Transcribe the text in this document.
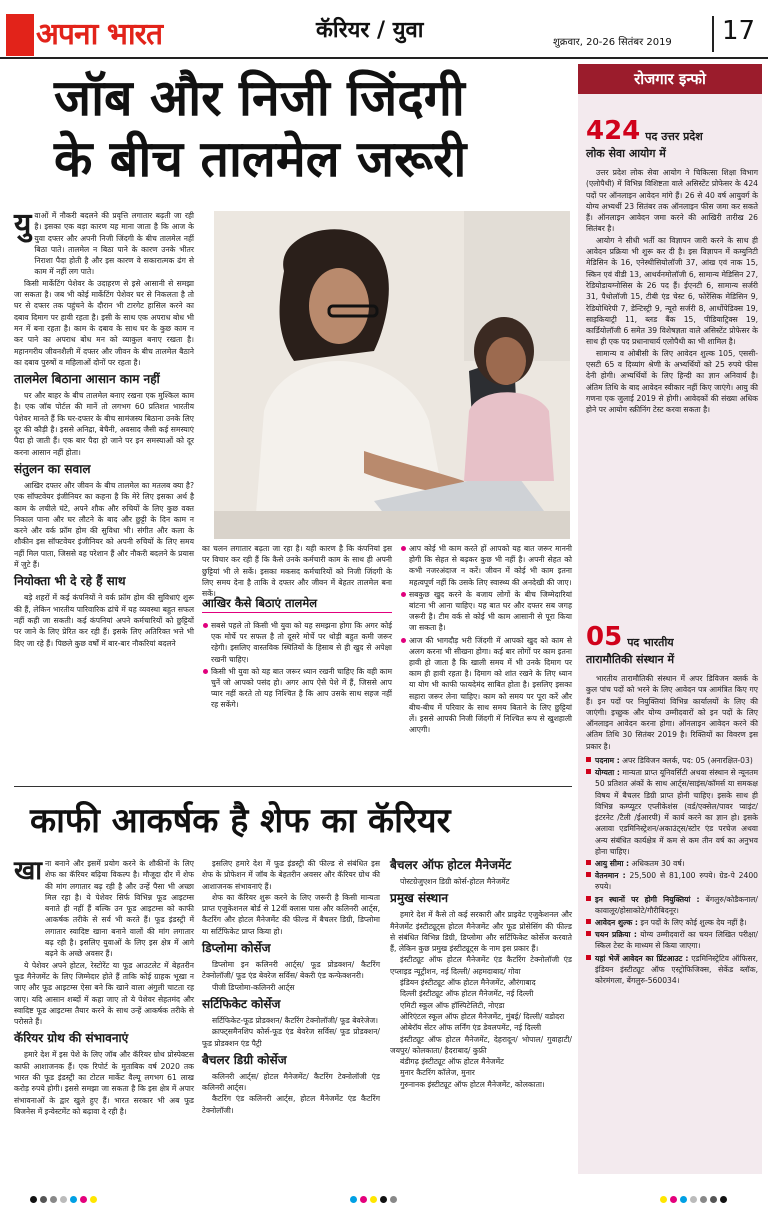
अपना भारत	कॅरियर / युवा	शुक्रवार, 20-26 सितंबर 2019 17
जॉब और निजी जिंदगी
के बीच तालमेल जरूरी
यु वाओं में नौकरी बदलने की प्रवृत्ति लगातार बढ़ती जा रही है। इसका एक बड़ा कारण यह माना जाता है कि आज के युवा दफ्तर और अपनी निजी जिंदगी के बीच तालमेल नहीं बिठा पाते। तालमेल न बिठा पाने के कारण उनके भीतर निराशा पैदा होती है और इस कारण वे सकारात्मक ढंग से काम में नहीं लग पाते।

किसी मार्केटिंग पेशेवर के उदाहरण से इसे आसानी से समझा जा सकता है। जब भी कोई मार्केटिंग पेशेवर घर से निकलता है तो घर से दफ्तर तक पहुंचने के दौरान भी टारगेट हासिल करने का दबाव दिमाग पर हावी रहता है। इसी के साथ एक अपराध बोध भी मन में बना रहता है। काम के दबाव के साथ घर के कुछ काम न कर पाने का अपराध बोध मन को व्याकुल बनाए रखता है। महानगरीय जीवनशैली में दफ्तर और जीवन के बीच तालमेल बैठाने का दबाव पुरुषों व महिलाओं दोनों पर रहता है।

तालमेल बिठाना आसान काम नहीं

घर और बाहर के बीच तालमेल बनाए रखना एक मुश्किल काम है। एक जॉब पोर्टल की मानें तो लगभग 60 प्रतिशत भारतीय पेशेवर मानते हैं कि घर-दफ्तर के बीच सामंजस्य बिठाना उनके लिए दूर की कौड़ी है। इससे अनिद्रा, बेचैनी, अवसाद जैसी कई समस्याएं पैदा हो जाती हैं। एक बार पैदा हो जाने पर इन समस्याओं को दूर करना आसान नहीं होता।

संतुलन का सवाल

आखिर दफ्तर और जीवन के बीच तालमेल का मतलब क्या है? एक सॉफ्टवेयर इंजीनियर का कहना है कि मेरे लिए इसका अर्थ है काम के लचीले घंटे, अपने शौक और रुचियों के लिए कुछ वक्त निकाल पाना और घर लौटने के बाद और छुट्टी के दिन काम न करने और वर्क फ्रॉम होम की सुविधा भी। संगीत और कला के शौकीन इस सॉफ्टवेयर इंजीनियर को अपनी रुचियों के लिए समय नहीं मिल पाता, जिससे वह परेशान हैं और नौकरी बदलने के प्रयास में जुटे हैं।

नियोक्ता भी दे रहे हैं साथ

बड़े शहरों में कई कंपनियों ने वर्क फ्रॉम होम की सुविधाएं शुरू की हैं, लेकिन भारतीय पारिवारिक ढांचे में यह व्यवस्था बहुत सफल नहीं कही जा सकती। कई कंपनियां अपने कर्मचारियों को छुट्टियों पर जाने के लिए प्रेरित कर रही हैं। इसके लिए अतिरिक्त भत्ते भी दिए जा रहे हैं। पिछले कुछ वर्षों में बार-बार नौकरियां बदलने

का चलन लगातार बढ़ता जा रहा है। यही कारण है कि कंपनियां इस पर विचार कर रही हैं कि कैसे उनके कर्मचारी काम के साथ ही अपनी छुट्टियां भी ले सकें। इसका मकसद कर्मचारियों को निजी जिंदगी के लिए समय देना है ताकि वे दफ्तर और जीवन में बेहतर तालमेल बना सकें।
आखिर कैसे बिठाएं तालमेल
सबसे पहले तो किसी भी युवा को यह समझना होगा कि अगर कोई एक मोर्चे पर सफल है तो दूसरे मोर्चे पर थोड़ी बहुत कमी जरूर रहेगी। इसलिए वास्तविक स्थितियों के हिसाब से ही खुद से अपेक्षा रखनी चाहिए।
किसी भी युवा को यह बात जरूर ध्यान रखनी चाहिए कि वही काम चुनें जो आपको पसंद हो। अगर आप ऐसे पेशे में हैं, जिससे आप प्यार नहीं करते तो यह निश्चित है कि आप उसके साथ सहज नहीं रह सकेंगे।
आप कोई भी काम करते हों आपको यह बात जरूर माननी होगी कि सेहत से बढ़कर कुछ भी नहीं है। अपनी सेहत को कभी नजरअंदाज न करें। जीवन में कोई भी काम इतना महत्वपूर्ण नहीं कि उसके लिए स्वास्थ्य की अनदेखी की जाए।
सबकुछ खुद करने के बजाय लोगों के बीच जिम्मेदारियां बांटना भी आना चाहिए। यह बात घर और दफ्तर सब जगह जरूरी है। टीम वर्क से कोई भी काम आसानी से पूरा किया जा सकता है।
आज की भागदौड़ भरी जिंदगी में आपको खुद को काम से अलग करना भी सीखना होगा। कई बार लोगों पर काम इतना हावी हो जाता है कि खाली समय में भी उनके दिमाग पर काम ही हावी रहता है। दिमाग को शांत रखने के लिए ध्यान या योग भी काफी फायदेमंद साबित होता है। इसलिए इसका सहारा जरूर लेना चाहिए। काम को समय पर पूरा करें और बीच-बीच में परिवार के साथ समय बिताने के लिए छुट्टियां लें। इससे आपकी निजी जिंदगी में निश्चित रूप से खुशहाली आएगी।
रोजगार इन्फो
424 पद उत्तर प्रदेश
लोक सेवा आयोग में

उत्तर प्रदेश लोक सेवा आयोग ने चिकित्सा शिक्षा विभाग (एलोपैथी) में विभिन्न विशिष्टता वाले असिस्टेंट प्रोफेसर के 424 पदों पर ऑनलाइन आवेदन मांगे हैं। 26 से 40 वर्ष आयुवर्ग के योग्य अभ्यर्थी 23 सितंबर तक ऑनलाइन फीस जमा कर सकते हैं। ऑनलाइन आवेदन जमा करने की आखिरी तारीख 26 सितंबर है।

आयोग ने सीधी भर्ती का विज्ञापन जारी करने के साथ ही आवेदन प्रक्रिया भी शुरू कर दी है। इस विज्ञापन में कम्युनिटी मेडिसिन के 16, एनेस्थीसियोलॉजी 37, आंख एवं नाक 15, स्किन एवं वीडी 13, आथर्वनमोलॉजी 6, सामान्य मेडिसिन 27, रेडियोडायग्नोसिस के 26 पद हैं। ईएनटी 6, सामान्य सर्जरी 31, पैथोलॉजी 15, टीबी एंड चेस्ट 6, फोरेंसिक मेडिसिन 9, रेडियोथिरेपी 7, डेन्टिस्ट्री 9, न्यूरो सर्जरी 8, आर्थोपेडिक्स 19, साइकियाट्री 11, ब्लड बैंक 15, पीडियाट्रिक्स 19, कार्डियोलॉजी 6 समेत 39 विशेषज्ञता वाले असिस्टेंट प्रोफेसर के साथ ही एक पद प्रधानाचार्य एलोपैथी का भी शामिल है।

सामान्य व ओबीसी के लिए आवेदन शुल्क 105, एससी-एसटी 65 व दिव्यांग श्रेणी के अभ्यर्थियों को 25 रुपये फीस देनी होगी। अभ्यर्थियों के लिए हिन्दी का ज्ञान अनिवार्य है। अंतिम तिथि के बाद आवेदन स्वीकार नहीं किए जाएंगे। आयु की गणना एक जुलाई 2019 से होगी। आवेदकों की संख्या अधिक होने पर आयोग स्क्रीनिंग टेस्ट करवा सकता है।

05 पद भारतीय
तारामौतिकी संस्थान में

भारतीय तारामौतिकी संस्थान में अपर डिविजन क्लर्क के कुल पांच पदों को भरने के लिए आवेदन पत्र आमंत्रित किए गए हैं। इन पदों पर नियुक्तियां विभिन्न कार्यालयों के लिए की जाएंगी। इच्छुक और योग्य उम्मीदवारों को इन पदों के लिए ऑनलाइन आवेदन करना होगा। ऑनलाइन आवेदन करने की अंतिम तिथि 30 सितंबर 2019 है। रिक्तियों का विवरण इस प्रकार है।

पदनाम : अपर डिविजन क्लर्क, पद: 05 (अनारक्षित-03)
योग्यता : मान्यता प्राप्त यूनिवर्सिटी अथवा संस्थान से न्यूनतम 50 प्रतिशत अंकों के साथ आर्ट्स/साइंस/कॉमर्स या समकक्ष विषय में बैचलर डिग्री प्राप्त होनी चाहिए। इसके साथ ही विभिन्न कम्प्यूटर एप्लीकेशंस (वर्ड/एक्सेल/पावर प्वाइंट/ इंटरनेट /टैली /ईआरपी) में कार्य करने का ज्ञान हो। इसके अलावा एडमिनिस्ट्रेशन/अकाउंट्स/स्टोर एंड परचेज अथवा अन्य संबंधित कार्यक्षेत्र में कम से कम तीन वर्ष का अनुभव होना चाहिए।
आयु सीमा : अधिकतम 30 वर्ष।
वेतनमान : 25,500 से 81,100 रुपये। ग्रेड-पे 2400 रुपये।
इन स्थानों पर होगी नियुक्तियां : बेंगलुरु/कोडैकनाल/कावालूर/होसाकोटे/गौरीबिदनूर।
आवेदन शुल्क : इन पदों के लिए कोई शुल्क देय नहीं है।
चयन प्रक्रिया : योग्य उम्मीदवारों का चयन लिखित परीक्षा/स्किल टेस्ट के माध्यम से किया जाएगा।
यहां भेजें आवेदन का प्रिंटआउट : एडमिनिस्ट्रेटिव ऑफिसर, इंडियन इंस्टीट्यूट ऑफ एस्ट्रोफिजिक्स, सेकेंड ब्लॉक, कोरमंगला, बेंगलुरु-560034।
काफी आकर्षक है शेफ का कॅरियर
खा ना बनाने और इसमें प्रयोग करने के शौकीनों के लिए शेफ का कॅरियर बढ़िया विकल्प है। मौजूदा दौर में शेफ की मांग लगातार बढ़ रही है और उन्हें पैसा भी अच्छा मिल रहा है। ये पेशेवर सिर्फ विभिन्न फूड आइटम्स बनाते ही नहीं हैं बल्कि उन फूड आइटम्स को काफी आकर्षक तरीके से सर्व भी करते हैं। फूड इंडस्ट्री में लगातार स्वादिष्ट खाना बनाने वालों की मांग लगातार बढ़ रही है। इसलिए युवाओं के लिए इस क्षेत्र में आगे बढ़ने के अच्छे अवसर हैं।

ये पेशेवर अपने होटल, रेस्टोरेंट या फूड आउटलेट में बेहतरीन फूड मैनेजमेंट के लिए जिम्मेदार होते हैं ताकि कोई ग्राहक भूखा न जाए और फूड आइटम्स ऐसा बने कि खाने वाला अंगुली चाटता रह जाए। यदि आसान शब्दों में कहा जाए तो ये पेशेवर सेहतमंद और स्वादिष्ट फूड आइटम्स तैयार करने के साथ उन्हें आकर्षक तरीके से परोसते हैं।

कॅरियर ग्रोथ की संभावनाएं

हमारे देश में इस पेशे के लिए जॉब और कॅरियर ग्रोथ प्रोस्पेक्टस काफी आशाजनक हैं। एक रिपोर्ट के मुताबिक वर्ष 2020 तक भारत की फूड इंडस्ट्री का टोटल मार्केट वैल्यू लगभग 61 लाख करोड़ रुपये होगी। इससे समझा जा सकता है कि इस क्षेत्र में अपार संभावनाओं के द्वार खुले हुए हैं। भारत सरकार भी अब फूड बिजनेस में इन्वेस्टमेंट को बढ़ावा दे रही है।

इसलिए हमारे देश में फूड इंडस्ट्री की फील्ड से संबंधित इस शेफ के प्रोफेशन में जॉब के बेहतरीन अवसर और कॅरियर ग्रोथ की आशाजनक संभावनाएं हैं।

शेफ का कॅरियर शुरू करने के लिए जरूरी है किसी मान्यता प्राप्त एजुकेशनल बोर्ड से 12वीं क्लास पास और कलिनरी आर्ट्स, कैटरिंग और होटल मैनेजमेंट की फील्ड में बैचलर डिग्री, डिप्लोमा या सर्टिफिकेट प्राप्त किया हो।

डिप्लोमा कोर्सेज

डिप्लोमा इन कलिनरी आर्ट्स/ फूड प्रोडक्शन/ कैटरिंग टेक्नोलॉजी/ फूड एंड बेवरेज सर्विस/ बेकरी एंड कन्फेक्शनरी।

पीजी डिप्लोमा-कलिनरी आर्ट्स

सर्टिफिकेट कोर्सेज

सर्टिफिकेट-फूड प्रोडक्शन/ कैटरिंग टेक्नोलॉजी/ फूड बेवरेजेज।

क्राफ्ट्समैनशिप कोर्स-फूड एंड बेवरेज सर्विस/ फूड प्रोडक्शन/ फूड प्रोडक्शन एंड पैट्री

बैचलर डिग्री कोर्सेज

कलिनरी आर्ट्स/ होटल मैनेजमेंट/ कैटरिंग टेक्नोलॉजी एंड कलिनरी आर्ट्स।

कैटरिंग एंड कलिनरी आर्ट्स, होटल मैनेजमेंट एंड कैटरिंग टेक्नोलॉजी।

बैचलर ऑफ होटल मैनेजमेंट

पोस्टग्रेजुएशन डिग्री कोर्स-होटल मैनेजमेंट

प्रमुख संस्थान

हमारे देश में कैसे तो कई सरकारी और प्राइवेट एजुकेशनल और मैनेजमेंट इंस्टीट्यूट्स होटल मैनेजमेंट और फूड प्रोसेसिंग की फील्ड से संबंधित विभिन्न डिग्री, डिप्लोमा और सर्टिफिकेट कोर्सेज करवाते हैं, लेकिन कुछ प्रमुख इंस्टीट्यूट्स के नाम इस प्रकार हैं।

इंस्टीट्यूट ऑफ होटल मैनेजमेंट एंड कैटरिंग टेक्नोलॉजी एंड एप्लाइड न्यूट्रीशन, नई दिल्ली/ अहमदाबाद/ गोवा

इंडियन इंस्टीट्यूट ऑफ होटल मैनेजमेंट, औरंगाबाद

दिल्ली इंस्टीट्यूट ऑफ होटल मैनेजमेंट, नई दिल्ली

एमिटी स्कूल ऑफ हॉस्पिटेलिटी, नोएडा

ओरिएंटल स्कूल ऑफ होटल मैनेजमेंट, मुंबई/ दिल्ली/ वडोदरा

ओबेरॉय सेंटर ऑफ लर्निंग एंड डेवलपमेंट, नई दिल्ली

इंस्टीट्यूट ऑफ होटल मैनेजमेंट, देहरादून/ भोपाल/ गुवाहाटी/ जयपुर/ कोलकाता/ हैदराबाद/ कुफ्री

बंडीगढ़ इंस्टीट्यूट ऑफ होटल मैनेजमेंट

मुनार कैटरिंग कॉलेज, मुनार

गुरुनानक इंस्टीट्यूट ऑफ होटल मैनेजमेंट, कोलकाता।
